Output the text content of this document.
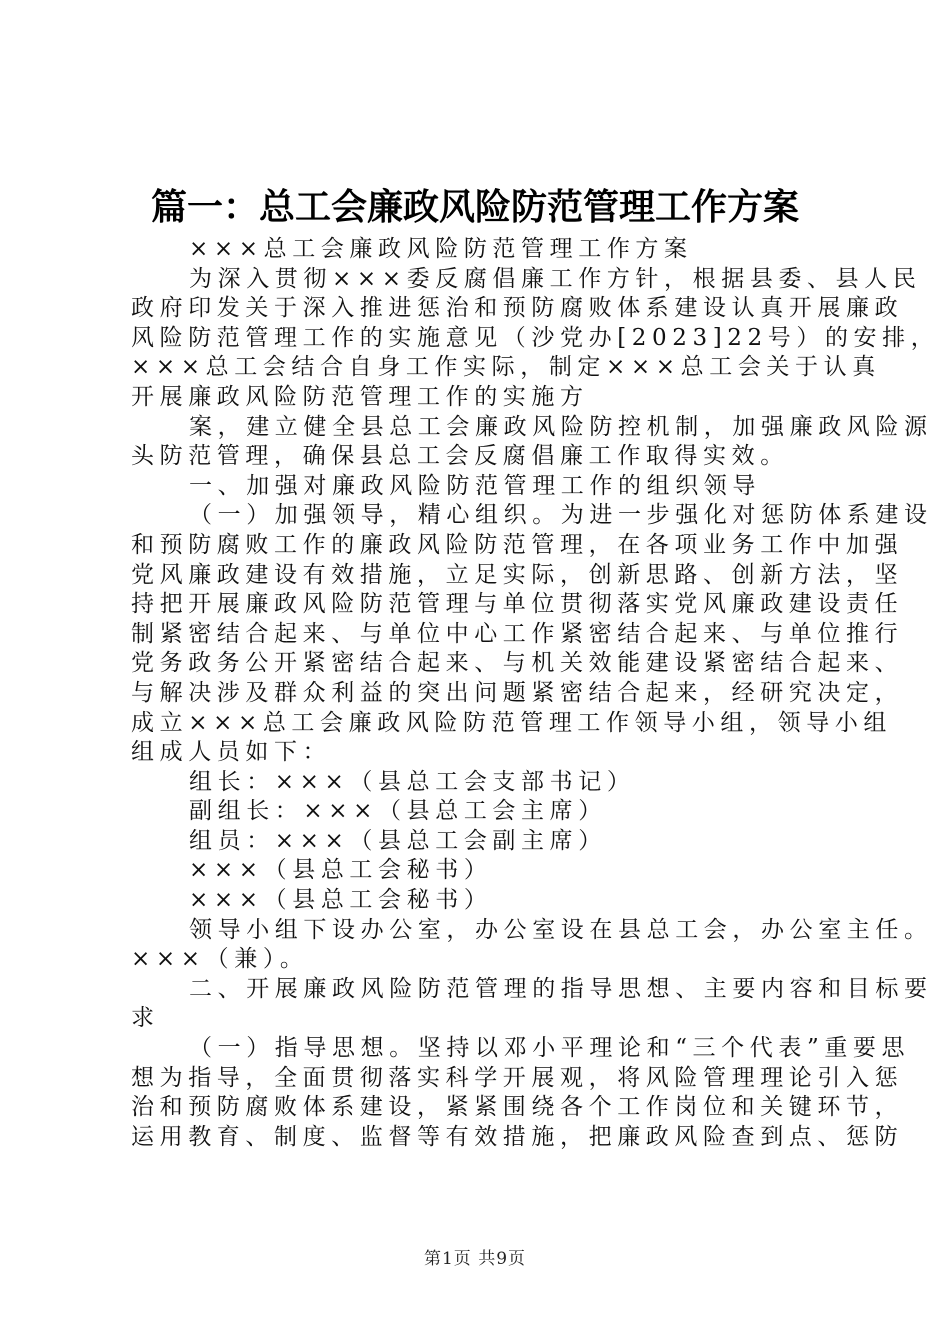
篇一：总工会廉政风险防范管理工作方案
×××总工会廉政风险防范管理工作方案
为深入贯彻×××委反腐倡廉工作方针，根据县委、县人民
政府印发关于深入推进惩治和预防腐败体系建设认真开展廉政
风险防范管理工作的实施意见（沙党办[2023]22号）的安排，
×××总工会结合自身工作实际，制定×××总工会关于认真
开展廉政风险防范管理工作的实施方
案，建立健全县总工会廉政风险防控机制，加强廉政风险源
头防范管理，确保县总工会反腐倡廉工作取得实效。
一、加强对廉政风险防范管理工作的组织领导
（一）加强领导，精心组织。为进一步强化对惩防体系建设
和预防腐败工作的廉政风险防范管理，在各项业务工作中加强
党风廉政建设有效措施，立足实际，创新思路、创新方法，坚
持把开展廉政风险防范管理与单位贯彻落实党风廉政建设责任
制紧密结合起来、与单位中心工作紧密结合起来、与单位推行
党务政务公开紧密结合起来、与机关效能建设紧密结合起来、
与解决涉及群众利益的突出问题紧密结合起来，经研究决定，
成立×××总工会廉政风险防范管理工作领导小组，领导小组
组成人员如下：
组长：×××（县总工会支部书记）
副组长：×××（县总工会主席）
组员：×××（县总工会副主席）
×××（县总工会秘书）
×××（县总工会秘书）
领导小组下设办公室，办公室设在县总工会，办公室主任。
×××（兼）。
二、开展廉政风险防范管理的指导思想、主要内容和目标要
求
（一）指导思想。坚持以邓小平理论和“三个代表”重要思
想为指导，全面贯彻落实科学开展观，将风险管理理论引入惩
治和预防腐败体系建设，紧紧围绕各个工作岗位和关键环节，
运用教育、制度、监督等有效措施，把廉政风险查到点、惩防
第1页 共9页
